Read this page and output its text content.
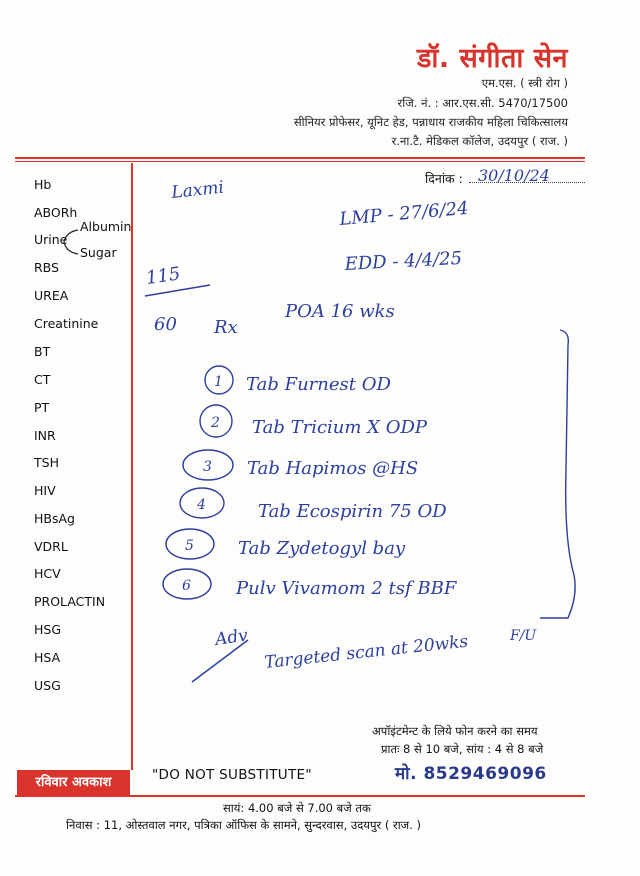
डॉ. संगीता सेन
एम.एस. ( स्त्री रोग )
रजि. नं. : आर.एस.सी. 5470/17500
सीनियर प्रोफेसर, यूनिट हेड, पन्नाधाय राजकीय महिला चिकित्सालय
र.ना.टै. मेडिकल कॉलेज, उदयपुर ( राज. )
दिनांक :
Hb
ABORh
Urine
Albumin
Sugar
RBS
UREA
Creatinine
BT
CT
PT
INR
TSH
HIV
HBsAg
VDRL
HCV
PROLACTIN
HSG
HSA
USG
30/10/24
Laxmi
LMP - 27/6/24
EDD - 4/4/25
115
60 Rx
POA 16 wks
1 Tab Furnest OD
2 Tab Tricium X ODP
3 Tab Hapimos @HS
4	Tab Ecospirin 75 OD
5 Tab Zydetogyl bay
6	Pulv Vivamom 2 tsf BBF
Adv Targeted scan at 20wks	F/U
अपॉइंटमेन्ट के लिये फोन करने का समय
प्रातः 8 से 10 बजे, सांय : 4 से 8 बजे
मो. 8529469096
रविवार अवकाश	"DO NOT SUBSTITUTE"
सायं: 4.00 बजे से 7.00 बजे तक
निवास : 11, ओस्तवाल नगर, पत्रिका ऑफिस के सामने, सुन्दरवास, उदयपुर ( राज. )
